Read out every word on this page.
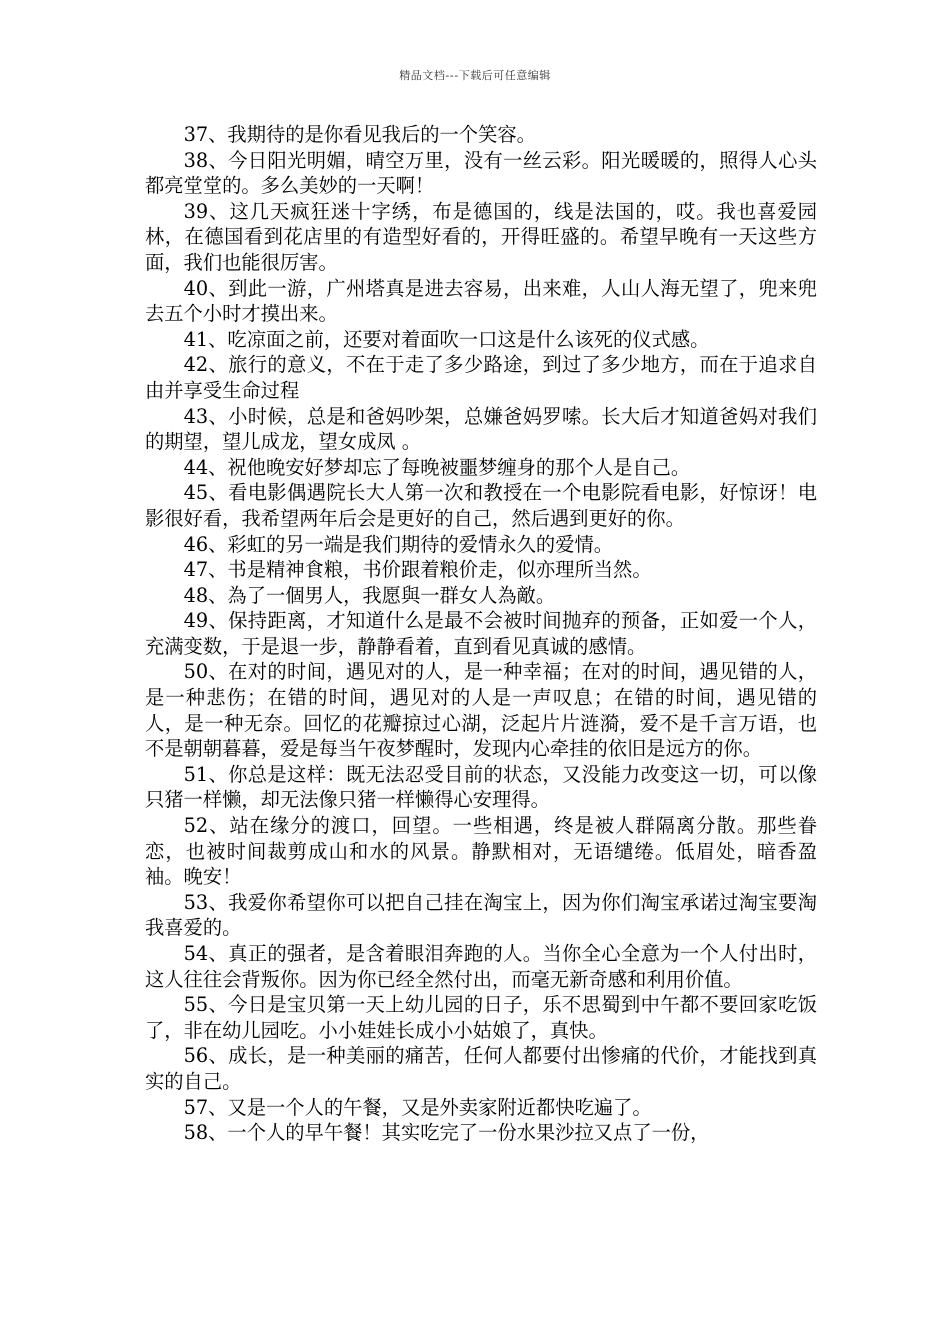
精品文档---下载后可任意编辑

37、我期待的是你看见我后的一个笑容。

38、今日阳光明媚，晴空万里，没有一丝云彩。阳光暖暖的，照得人心头都亮堂堂的。多么美妙的一天啊！

39、这几天疯狂迷十字绣，布是德国的，线是法国的，哎。我也喜爱园林，在德国看到花店里的有造型好看的，开得旺盛的。希望早晚有一天这些方面，我们也能很厉害。

40、到此一游，广州塔真是进去容易，出来难，人山人海无望了，兜来兜去五个小时才摸出来。

41、吃凉面之前，还要对着面吹一口这是什么该死的仪式感。

42、旅行的意义，不在于走了多少路途，到过了多少地方，而在于追求自由并享受生命过程

43、小时候，总是和爸妈吵架，总嫌爸妈罗嗦。长大后才知道爸妈对我们的期望，望儿成龙，望女成凤 。

44、祝他晚安好梦却忘了每晚被噩梦缠身的那个人是自己。

45、看电影偶遇院长大人第一次和教授在一个电影院看电影，好惊讶！电影很好看，我希望两年后会是更好的自己，然后遇到更好的你。

46、彩虹的另一端是我们期待的爱情永久的爱情。

47、书是精神食粮，书价跟着粮价走，似亦理所当然。

48、為了一個男人，我愿與一群女人為敵。

49、保持距离，才知道什么是最不会被时间抛弃的预备，正如爱一个人，充满变数，于是退一步，静静看着，直到看见真诚的感情。

50、在对的时间，遇见对的人，是一种幸福；在对的时间，遇见错的人，是一种悲伤；在错的时间，遇见对的人是一声叹息；在错的时间，遇见错的人，是一种无奈。回忆的花瓣掠过心湖，泛起片片涟漪，爱不是千言万语，也不是朝朝暮暮，爱是每当午夜梦醒时，发现内心牵挂的依旧是远方的你。

51、你总是这样：既无法忍受目前的状态，又没能力改变这一切，可以像只猪一样懒，却无法像只猪一样懒得心安理得。

52、站在缘分的渡口，回望。一些相遇，终是被人群隔离分散。那些眷恋，也被时间裁剪成山和水的风景。静默相对，无语缱绻。低眉处，暗香盈袖。晚安！

53、我爱你希望你可以把自己挂在淘宝上，因为你们淘宝承诺过淘宝要淘我喜爱的。

54、真正的强者，是含着眼泪奔跑的人。当你全心全意为一个人付出时，这人往往会背叛你。因为你已经全然付出，而毫无新奇感和利用价值。

55、今日是宝贝第一天上幼儿园的日子，乐不思蜀到中午都不要回家吃饭了，非在幼儿园吃。小小娃娃长成小小姑娘了，真快。

56、成长，是一种美丽的痛苦，任何人都要付出惨痛的代价，才能找到真实的自己。

57、又是一个人的午餐，又是外卖家附近都快吃遍了。

58、一个人的早午餐！其实吃完了一份水果沙拉又点了一份，
